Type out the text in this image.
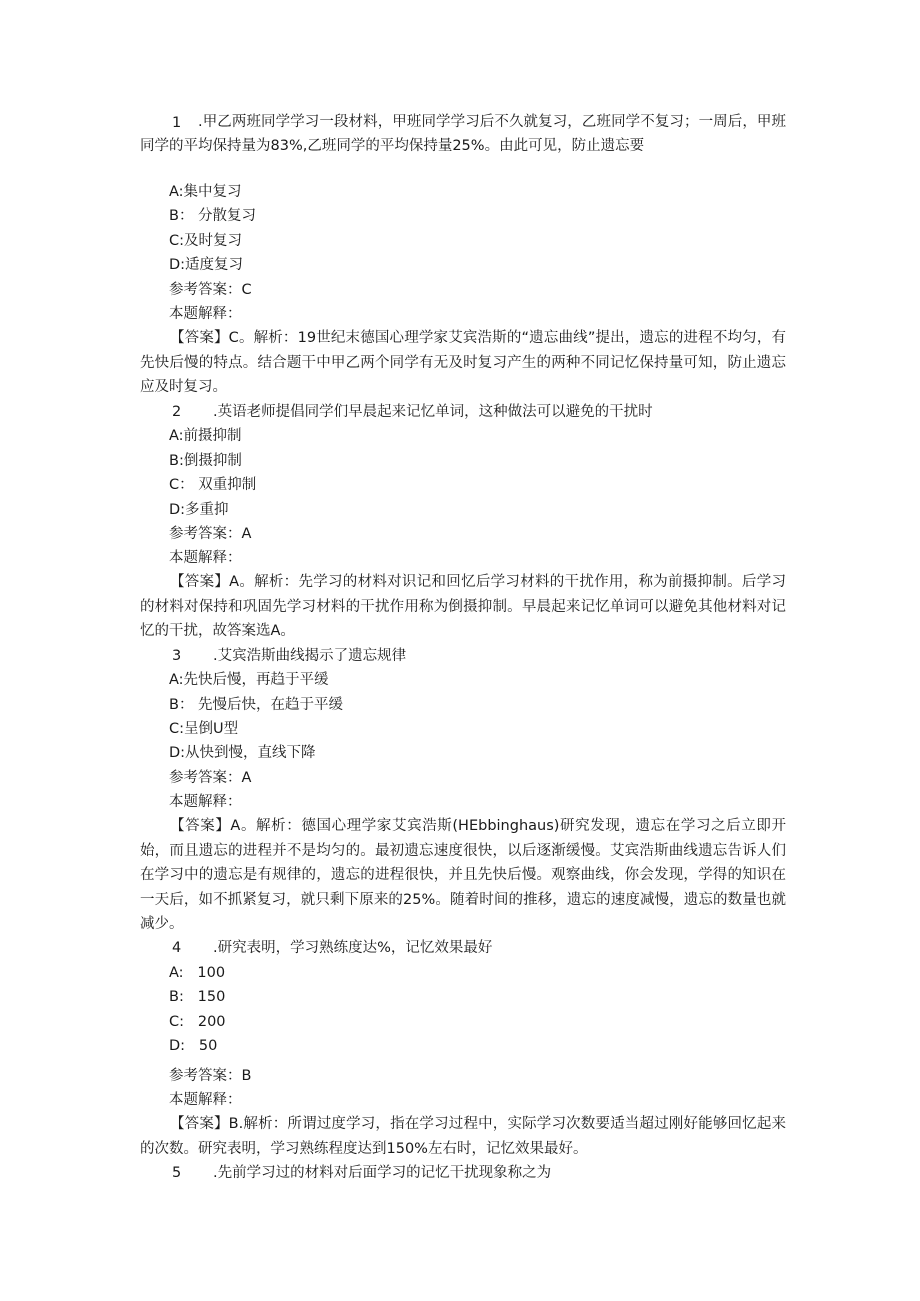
1	.甲乙两班同学学习一段材料，甲班同学学习后不久就复习，乙班同学不复习；一周后，甲班同学的平均保持量为83%,乙班同学的平均保持量25%。由此可见，防止遗忘要
A:集中复习
B： 分散复习
C:及时复习
D:适度复习
参考答案：C
本题解释：
【答案】C。解析：19世纪末德国心理学家艾宾浩斯的“遗忘曲线”提出，遗忘的进程不均匀，有先快后慢的特点。结合题干中甲乙两个同学有无及时复习产生的两种不同记忆保持量可知，防止遗忘应及时复习。
2 .英语老师提倡同学们早晨起来记忆单词，这种做法可以避免的干扰时
A:前摄抑制
B:倒摄抑制
C： 双重抑制
D:多重抑
参考答案：A
本题解释：
【答案】A。解析：先学习的材料对识记和回忆后学习材料的干扰作用，称为前摄抑制。后学习的材料对保持和巩固先学习材料的干扰作用称为倒摄抑制。早晨起来记忆单词可以避免其他材料对记忆的干扰，故答案选A。
3 .艾宾浩斯曲线揭示了遗忘规律
A:先快后慢，再趋于平缓
B： 先慢后快，在趋于平缓
C:呈倒U型
D:从快到慢，直线下降
参考答案：A
本题解释：
【答案】A。解析：德国心理学家艾宾浩斯(HEbbinghaus)研究发现，遗忘在学习之后立即开始，而且遗忘的进程并不是均匀的。最初遗忘速度很快，以后逐渐缓慢。艾宾浩斯曲线遗忘告诉人们在学习中的遗忘是有规律的，遗忘的进程很快，并且先快后慢。观察曲线，你会发现，学得的知识在一天后，如不抓紧复习，就只剩下原来的25%。随着时间的推移，遗忘的速度减慢，遗忘的数量也就减少。
4 .研究表明，学习熟练度达%，记忆效果最好
A:   100
B:   150
C:   200
D:   50
参考答案：B
本题解释：
【答案】B.解析：所谓过度学习，指在学习过程中，实际学习次数要适当超过刚好能够回忆起来的次数。研究表明，学习熟练程度达到150%左右时，记忆效果最好。
5 .先前学习过的材料对后面学习的记忆干扰现象称之为
